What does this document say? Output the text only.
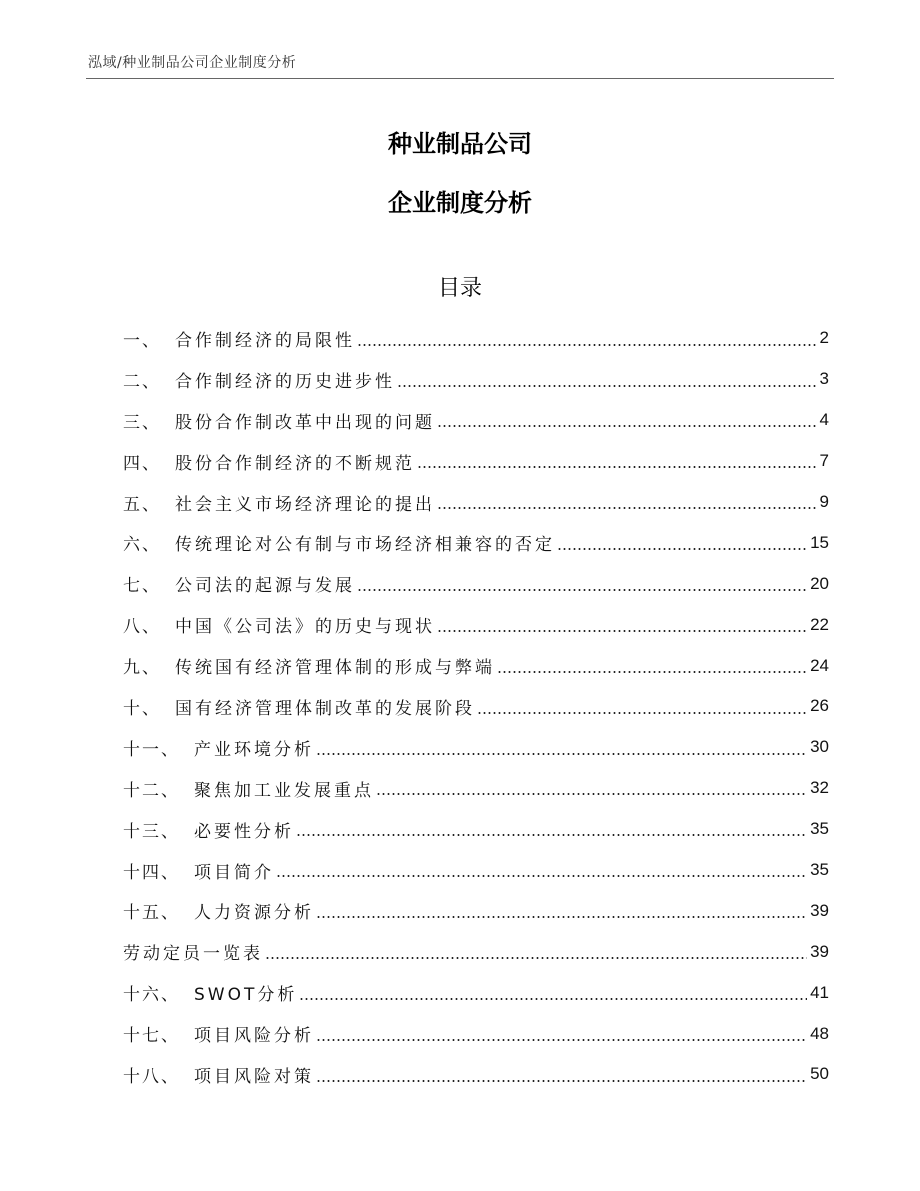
泓域/种业制品公司企业制度分析
种业制品公司
企业制度分析
目录
一、 合作制经济的局限性	2
二、 合作制经济的历史进步性	3
三、 股份合作制改革中出现的问题	4
四、 股份合作制经济的不断规范	7
五、 社会主义市场经济理论的提出	9
六、 传统理论对公有制与市场经济相兼容的否定	15
七、 公司法的起源与发展	20
八、 中国《公司法》的历史与现状	22
九、 传统国有经济管理体制的形成与弊端	24
十、 国有经济管理体制改革的发展阶段	26
十一、 产业环境分析	30
十二、 聚焦加工业发展重点	32
十三、 必要性分析	35
十四、 项目简介	35
十五、 人力资源分析	39
劳动定员一览表	39
十六、 SWOT分析	41
十七、 项目风险分析	48
十八、 项目风险对策	50
